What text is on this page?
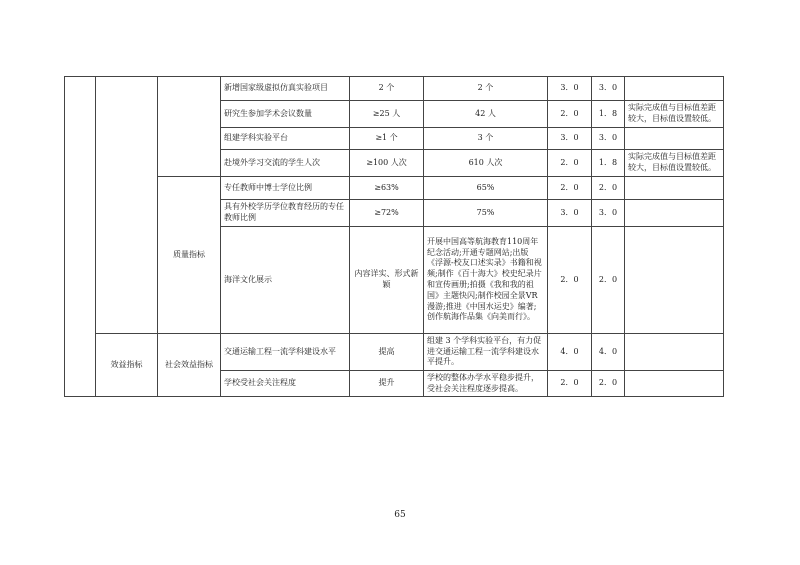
			新增国家级虚拟仿真实验项目	2 个	2 个	3．0	3．0	
			研究生参加学术会议数量	≥25 人	42 人	2．0	1．8	实际完成值与目标值差距较大，目标值设置较低。
			组建学科实验平台	≥1 个	3 个	3．0	3．0	
			赴境外学习交流的学生人次	≥100 人次	610 人次	2．0	1．8	实际完成值与目标值差距较大，目标值设置较低。
		质量指标	专任教师中博士学位比例	≥63%	65%	2．0	2．0	
			具有外校学历学位教育经历的专任教师比例	≥72%	75%	3．0	3．0	
			海洋文化展示	内容详实、形式新颖	开展中国高等航海教育110周年纪念活动;开通专题网站;出版《浮源-校友口述实录》书籍和视频;制作《百十海大》校史纪录片和宣传画册;拍摄《我和我的祖国》主题快闪;制作校园全景VR 漫游;推进《中国水运史》编著;创作航海作品集《向美而行》。	2．0	2．0	
	效益指标	社会效益指标	交通运输工程一流学科建设水平	提高	组建 3 个学科实验平台，有力促进交通运输工程一流学科建设水平提升。	4．0	4．0	
			学校受社会关注程度	提升	学校的整体办学水平稳步提升，受社会关注程度逐步提高。	2．0	2．0	
65
